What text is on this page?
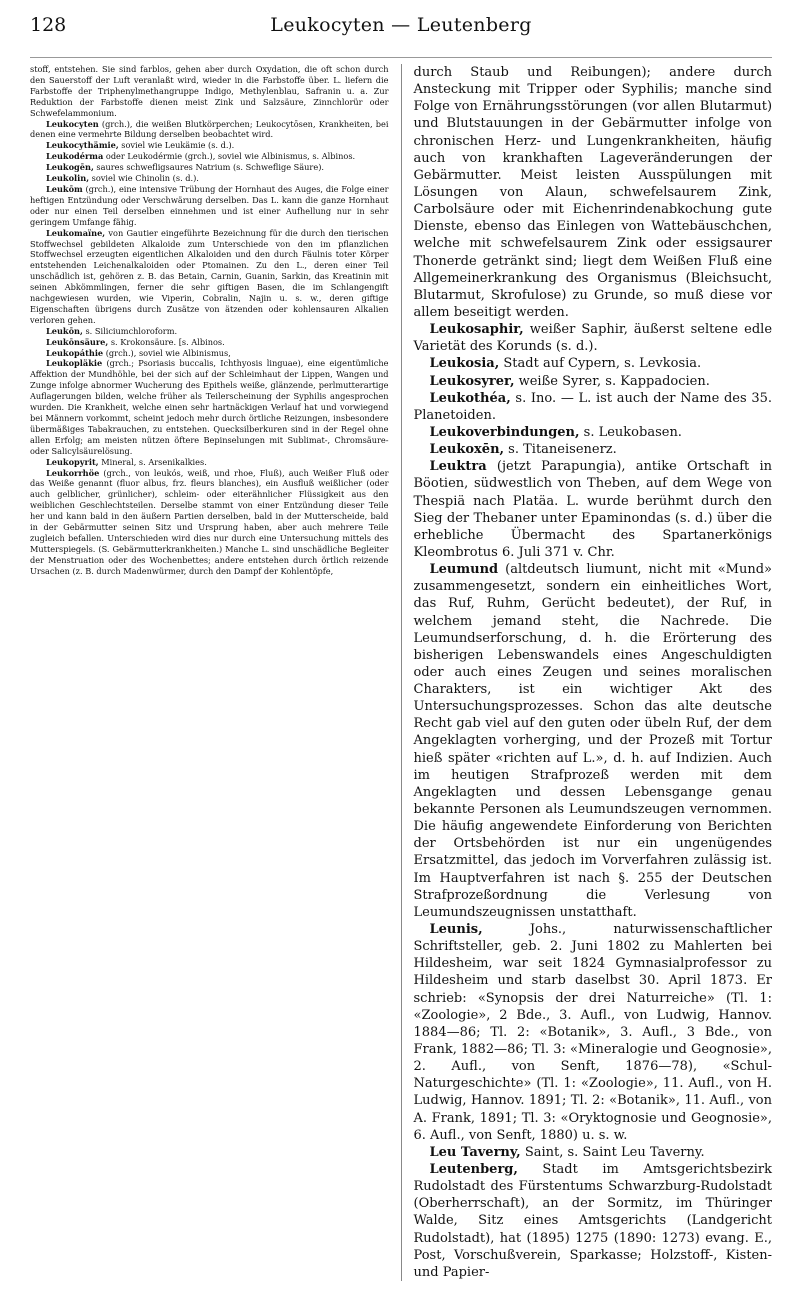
128	Leukocyten — Leutenberg

stoff, entstehen. Sie sind farblos, gehen aber durch Oxydation, die oft schon durch den Sauerstoff der Luft veranlaßt wird, wieder in die Farbstoffe über. L. liefern die Farbstoffe der Triphenylmethangruppe Indigo, Methylenblau, Safranin u. a. Zur Reduktion der Farbstoffe dienen meist Zink und Salzsäure, Zinnchlorür oder Schwefelammonium.

Leukocyten (grch.), die weißen Blutkörperchen; Leukocytōsen, Krankheiten, bei denen eine vermehrte Bildung derselben beobachtet wird.

Leukocythämie, soviel wie Leukämie (s. d.).

Leukodérma oder Leukodérmie (grch.), soviel wie Albinismus, s. Albinos.

Leukogēn, saures schwefligsaures Natrium (s. Schweflige Säure).

Leukolin, soviel wie Chinolin (s. d.).

Leukōm (grch.), eine intensive Trübung der Hornhaut des Auges, die Folge einer heftigen Entzündung oder Verschwärung derselben. Das L. kann die ganze Hornhaut oder nur einen Teil derselben einnehmen und ist einer Aufhellung nur in sehr geringem Umfange fähig.

Leukomaïne, von Gautier eingeführte Bezeichnung für die durch den tierischen Stoffwechsel gebildeten Alkaloide zum Unterschiede von den im pflanzlichen Stoffwechsel erzeugten eigentlichen Alkaloiden und den durch Fäulnis toter Körper entstehenden Leichenalkaloiden oder Ptomainen. Zu den L., deren einer Teil unschädlich ist, gehören z. B. das Betain, Carnin, Guanin, Sarkin, das Kreatinin mit seinen Abkömmlingen, ferner die sehr giftigen Basen, die im Schlangengift nachgewiesen wurden, wie Viperin, Cobralin, Najin u. s. w., deren giftige Eigenschaften übrigens durch Zusätze von ätzenden oder kohlensauren Alkalien verloren gehen.

Leukōn, s. Siliciumchloroform.

Leukōnsäure, s. Krokonsäure. [s. Albinos.

Leukopáthie (grch.), soviel wie Albinismus,

Leukopläkie (grch.; Psoriasis buccalis, Ichthyosis linguae), eine eigentümliche Affektion der Mundhöhle, bei der sich auf der Schleimhaut der Lippen, Wangen und Zunge infolge abnormer Wucherung des Epithels weiße, glänzende, perlmutterartige Auflagerungen bilden, welche früher als Teilerscheinung der Syphilis angesprochen wurden. Die Krankheit, welche einen sehr hartnäckigen Verlauf hat und vorwiegend bei Männern vorkommt, scheint jedoch mehr durch örtliche Reizungen, insbesondere übermäßiges Tabakrauchen, zu entstehen. Quecksilberkuren sind in der Regel ohne allen Erfolg; am meisten nützen öftere Bepinselungen mit Sublimat-, Chromsäure- oder Salicylsäurelösung.

Leukopyrit, Mineral, s. Arsenikalkies.

Leukorrhöe (grch., von leukós, weiß, und rhoe, Fluß), auch Weißer Fluß oder das Weiße genannt (fluor albus, frz. fleurs blanches), ein Ausfluß weißlicher (oder auch gelblicher, grünlicher), schleim- oder eiterähnlicher Flüssigkeit aus den weiblichen Geschlechtsteilen. Derselbe stammt von einer Entzündung dieser Teile her und kann bald in den äußern Partien derselben, bald in der Mutterscheide, bald in der Gebärmutter seinen Sitz und Ursprung haben, aber auch mehrere Teile zugleich befallen. Unterschieden wird dies nur durch eine Untersuchung mittels des Mutterspiegels. (S. Gebärmutterkrankheiten.) Manche L. sind unschädliche Begleiter der Menstruation oder des Wochenbettes; andere entstehen durch örtlich reizende Ursachen (z. B. durch Madenwürmer, durch den Dampf der Kohlentöpfe,

durch Staub und Reibungen); andere durch Ansteckung mit Tripper oder Syphilis; manche sind Folge von Ernährungsstörungen (vor allen Blutarmut) und Blutstauungen in der Gebärmutter infolge von chronischen Herz- und Lungenkrankheiten, häufig auch von krankhaften Lageveränderungen der Gebärmutter. Meist leisten Ausspülungen mit Lösungen von Alaun, schwefelsaurem Zink, Carbolsäure oder mit Eichenrindenabkochung gute Dienste, ebenso das Einlegen von Wattebäuschchen, welche mit schwefelsaurem Zink oder essigsaurer Thonerde getränkt sind; liegt dem Weißen Fluß eine Allgemeinerkrankung des Organismus (Bleichsucht, Blutarmut, Skrofulose) zu Grunde, so muß diese vor allem beseitigt werden.

Leukosaphir, weißer Saphir, äußerst seltene edle Varietät des Korunds (s. d.).

Leukosia, Stadt auf Cypern, s. Levkosia.

Leukosyrer, weiße Syrer, s. Kappadocien.

Leukothéa, s. Ino. — L. ist auch der Name des 35. Planetoiden.

Leukoverbindungen, s. Leukobasen.

Leukoxēn, s. Titaneisenerz.

Leuktra (jetzt Parapungia), antike Ortschaft in Böotien, südwestlich von Theben, auf dem Wege von Thespiä nach Platäa. L. wurde berühmt durch den Sieg der Thebaner unter Epaminondas (s. d.) über die erhebliche Übermacht des Spartanerkönigs Kleombrotus 6. Juli 371 v. Chr.

Leumund (altdeutsch liumunt, nicht mit «Mund» zusammengesetzt, sondern ein einheitliches Wort, das Ruf, Ruhm, Gerücht bedeutet), der Ruf, in welchem jemand steht, die Nachrede. Die Leumundserforschung, d. h. die Erörterung des bisherigen Lebenswandels eines Angeschuldigten oder auch eines Zeugen und seines moralischen Charakters, ist ein wichtiger Akt des Untersuchungsprozesses. Schon das alte deutsche Recht gab viel auf den guten oder übeln Ruf, der dem Angeklagten vorherging, und der Prozeß mit Tortur hieß später «richten auf L.», d. h. auf Indizien. Auch im heutigen Strafprozeß werden mit dem Angeklagten und dessen Lebensgange genau bekannte Personen als Leumundszeugen vernommen. Die häufig angewendete Einforderung von Berichten der Ortsbehörden ist nur ein ungenügendes Ersatzmittel, das jedoch im Vorverfahren zulässig ist. Im Hauptverfahren ist nach §. 255 der Deutschen Strafprozeßordnung die Verlesung von Leumundszeugnissen unstatthaft.

Leunis, Johs., naturwissenschaftlicher Schriftsteller, geb. 2. Juni 1802 zu Mahlerten bei Hildesheim, war seit 1824 Gymnasialprofessor zu Hildesheim und starb daselbst 30. April 1873. Er schrieb: «Synopsis der drei Naturreiche» (Tl. 1: «Zoologie», 2 Bde., 3. Aufl., von Ludwig, Hannov. 1884—86; Tl. 2: «Botanik», 3. Aufl., 3 Bde., von Frank, 1882—86; Tl. 3: «Mineralogie und Geognosie», 2. Aufl., von Senft, 1876—78), «Schul-Naturgeschichte» (Tl. 1: «Zoologie», 11. Aufl., von H. Ludwig, Hannov. 1891; Tl. 2: «Botanik», 11. Aufl., von A. Frank, 1891; Tl. 3: «Oryktognosie und Geognosie», 6. Aufl., von Senft, 1880) u. s. w.

Leu Taverny, Saint, s. Saint Leu Taverny.

Leutenberg, Stadt im Amtsgerichtsbezirk Rudolstadt des Fürstentums Schwarzburg-Rudolstadt (Oberherrschaft), an der Sormitz, im Thüringer Walde, Sitz eines Amtsgerichts (Landgericht Rudolstadt), hat (1895) 1275 (1890: 1273) evang. E., Post, Vorschußverein, Sparkasse; Holzstoff-, Kisten- und Papier-
